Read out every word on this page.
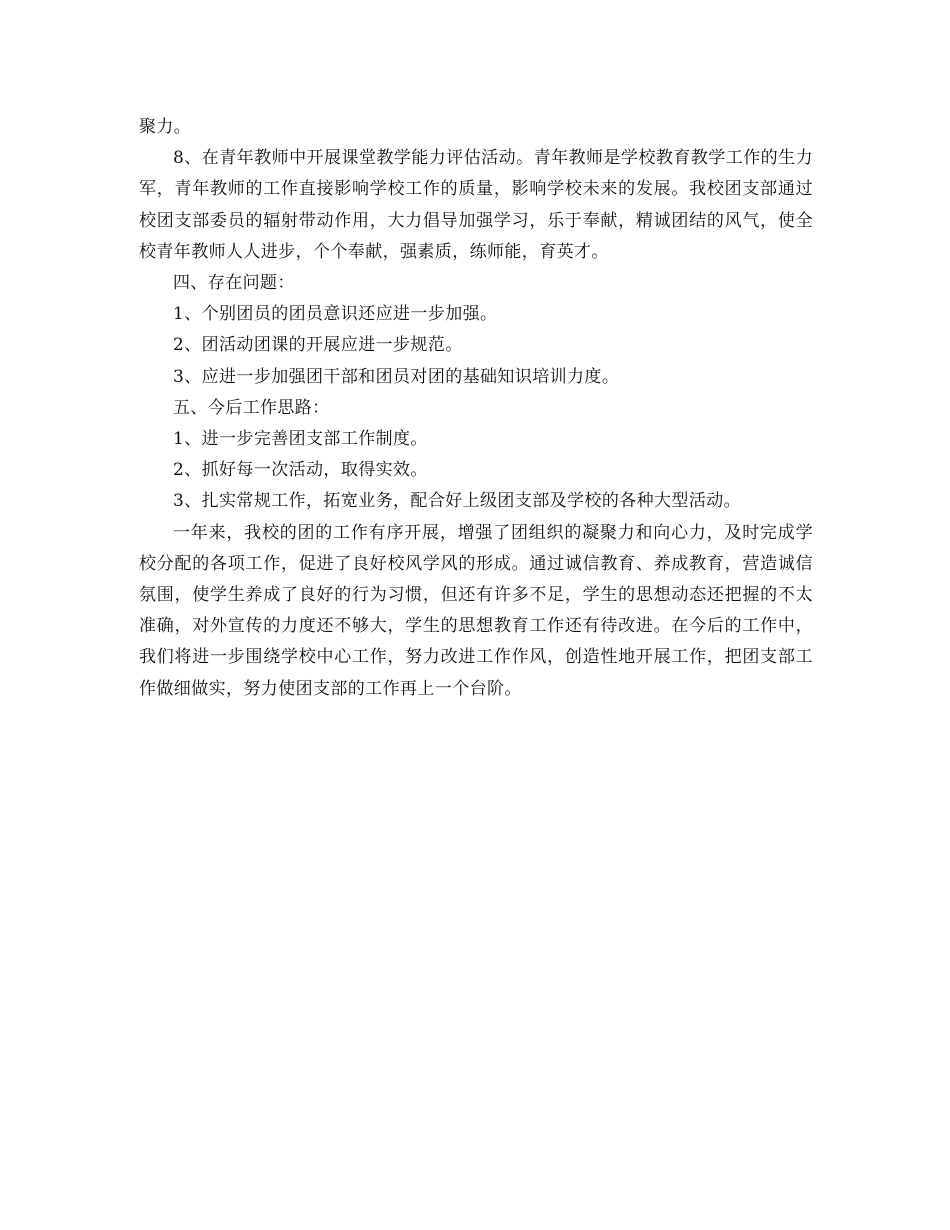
聚力。

8、在青年教师中开展课堂教学能力评估活动。青年教师是学校教育教学工作的生力军，青年教师的工作直接影响学校工作的质量，影响学校未来的发展。我校团支部通过校团支部委员的辐射带动作用，大力倡导加强学习，乐于奉献，精诚团结的风气，使全校青年教师人人进步，个个奉献，强素质，练师能，育英才。

四、存在问题：

1、个别团员的团员意识还应进一步加强。

2、团活动团课的开展应进一步规范。

3、应进一步加强团干部和团员对团的基础知识培训力度。

五、今后工作思路：

1、进一步完善团支部工作制度。

2、抓好每一次活动，取得实效。

3、扎实常规工作，拓宽业务，配合好上级团支部及学校的各种大型活动。

一年来，我校的团的工作有序开展，增强了团组织的凝聚力和向心力，及时完成学校分配的各项工作，促进了良好校风学风的形成。通过诚信教育、养成教育，营造诚信氛围，使学生养成了良好的行为习惯，但还有许多不足，学生的思想动态还把握的不太准确，对外宣传的力度还不够大，学生的思想教育工作还有待改进。在今后的工作中，我们将进一步围绕学校中心工作，努力改进工作作风，创造性地开展工作，把团支部工作做细做实，努力使团支部的工作再上一个台阶。
